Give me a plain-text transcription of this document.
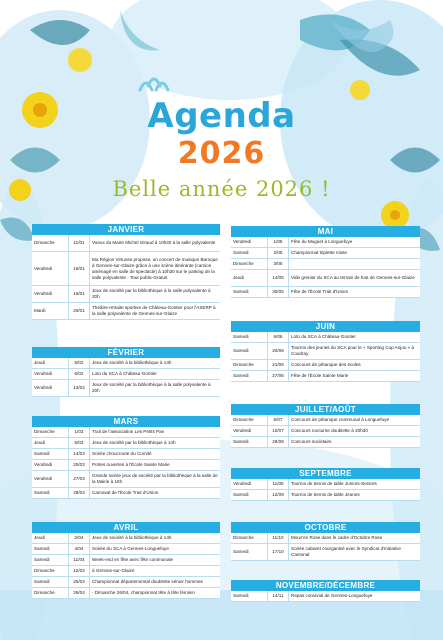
Agenda
2026
Belle année 2026 !
JANVIER
Dimanche	11/01	Voeux du Maire Michel Giraud à 10h30 à la salle polyvalente
Vendredi	16/01	Ma Région Virtuose propose, un concert de musique Baroque à Gennes-sur-Glaize grâce à une scène itinérante (camion aménagé en salle de spectacle) à 10h30 sur le parking de la salle polyvalente - Tout public-Gratuit
Vendredi	16/01	Jeux de société par la bibliothèque à la salle polyvalente à 20h
Mardi	20/01	Théâtre-retraite sportive de Château-Gontier pour l'ASERP à la salle polyvalente de Gennes-sur-Glaize
FÉVRIER
Jeudi	5/02	Jeux de société à la bibliothèque à 14h
Vendredi	6/02	Loto du SCA à Château-Gontier
Vendredi	13/02	Jeux de société par la bibliothèque à la salle polyvalente à 20h
MARS
Dimanche	1/03	Trail de l'association Les Petits Pas
Jeudi	5/03	Jeux de société par la bibliothèque à 14h
Samedi	14/03	Soirée choucroute du Comité
Vendredi	20/03	Portes ouvertes à l'École Sainte Marie
Vendredi	27/03	Grande soirée jeux de société par la bibliothèque à la salle de la Mairie à 18h
Samedi	28/03	Carnaval de l'École Trait d'Union
AVRIL
Jeudi	2/04	Jeux de société à la bibliothèque à 14h
Samedi	4/04	Soirée du SCA à Gennes-Longuefuye
Samedi	11/04	Week-end en fête avec fête communale
Dimanche	12/04	à Gennes-sur-Glaize
Samedi	25/04	Championnat départemental doublette sénior hommes
Dimanche	26/04	- Dimanche 26/04, championnat tête à tête féminin
MAI
Vendredi	1/05	Fête du Muguet à Longuefuye
Samedi	2/05	Championnat triplette mixte
Dimanche	3/05	
Jeudi	14/05	Vide grenier du SCA au terrain de foot de Gennes-sur-Glaize
Samedi	30/05	Fête de l'École Trait d'Union
JUIN
Samedi	6/06	Loto du SCA à Château-Gontier
Samedi	20/06	Tournoi des jeunes du SCA pour le « Sporting Cup Anjou » à Coudray
Dimanche	21/06	Concours de pétanque des écoles
Samedi	27/06	Fête de l'École Sainte Marie
JUILLET/AOÛT
Dimanche	5/07	Concours de pétanque communal à Longuefuye
Vendredi	10/07	Concours nocturne doublette à 20h30
Samedi	29/08	Concours sociétaire
SEPTEMBRE
Vendredi	11/09	Tournoi de tennis de table Juniors-Seniors
Samedi	12/09	Tournoi de tennis de table Jeunes
OCTOBRE
Dimanche	11/10	Mouv'en Rose dans le cadre d'Octobre Rose
Samedi	17/10	Soirée cabaret coorganisé avec le Syndicat d'Initiative Cantonal
NOVEMBRE/DÉCEMBRE
Samedi	14/11	Repas convivial de Gennes-Longuefuye
